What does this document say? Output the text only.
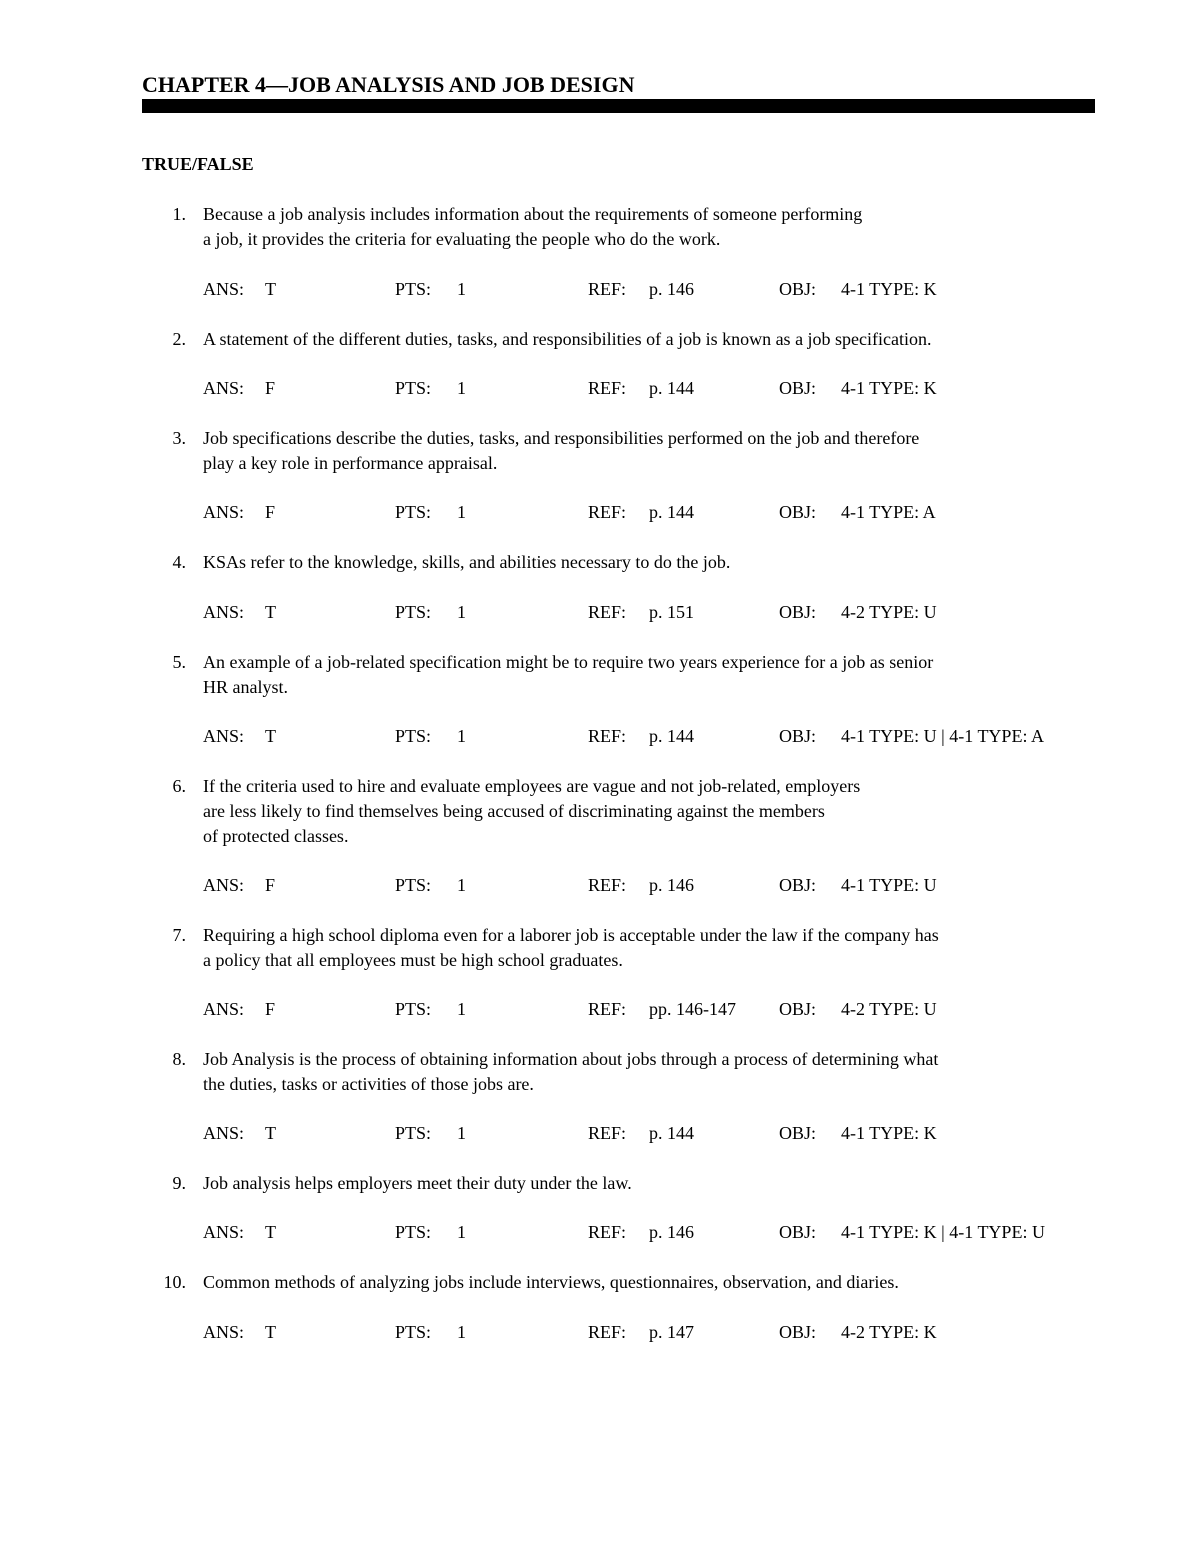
CHAPTER 4—JOB ANALYSIS AND JOB DESIGN
TRUE/FALSE
1. Because a job analysis includes information about the requirements of someone performing
a job, it provides the criteria for evaluating the people who do the work.
ANS: T	PTS: 1	REF: p. 146	OBJ: 4-1 TYPE: K
2. A statement of the different duties, tasks, and responsibilities of a job is known as a job specification.
ANS: F	PTS: 1	REF: p. 144	OBJ: 4-1 TYPE: K
3. Job specifications describe the duties, tasks, and responsibilities performed on the job and therefore
play a key role in performance appraisal.
ANS: F	PTS: 1	REF: p. 144	OBJ: 4-1 TYPE: A
4. KSAs refer to the knowledge, skills, and abilities necessary to do the job.
ANS: T	PTS: 1	REF: p. 151	OBJ: 4-2 TYPE: U
5. An example of a job-related specification might be to require two years experience for a job as senior
HR analyst.
ANS: T	PTS: 1	REF: p. 144	OBJ: 4-1 TYPE: U | 4-1 TYPE: A
6. If the criteria used to hire and evaluate employees are vague and not job-related, employers
are less likely to find themselves being accused of discriminating against the members
of protected classes.
ANS: F	PTS: 1	REF: p. 146	OBJ: 4-1 TYPE: U
7. Requiring a high school diploma even for a laborer job is acceptable under the law if the company has
a policy that all employees must be high school graduates.
ANS: F	PTS: 1	REF: pp. 146-147 OBJ: 4-2 TYPE: U
8. Job Analysis is the process of obtaining information about jobs through a process of determining what
the duties, tasks or activities of those jobs are.
ANS: T	PTS: 1	REF: p. 144	OBJ: 4-1 TYPE: K
9. Job analysis helps employers meet their duty under the law.
ANS: T	PTS: 1	REF: p. 146	OBJ: 4-1 TYPE: K | 4-1 TYPE: U
10. Common methods of analyzing jobs include interviews, questionnaires, observation, and diaries.
ANS: T	PTS: 1	REF: p. 147	OBJ: 4-2 TYPE: K
